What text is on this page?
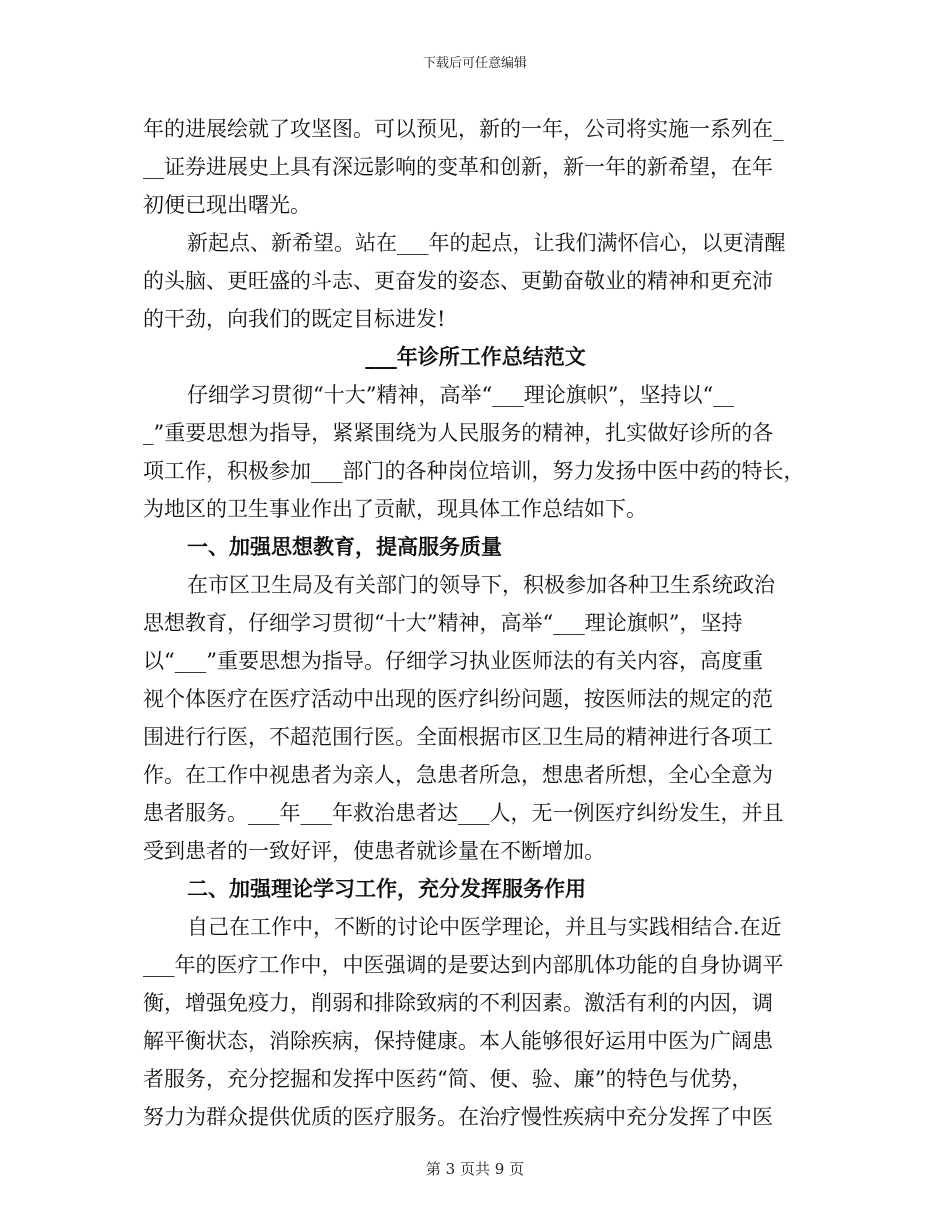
下载后可任意编辑
年的进展绘就了攻坚图。可以预见，新的一年，公司将实施一系列在_
__证券进展史上具有深远影响的变革和创新，新一年的新希望，在年
初便已现出曙光。
新起点、新希望。站在___年的起点，让我们满怀信心，以更清醒
的头脑、更旺盛的斗志、更奋发的姿态、更勤奋敬业的精神和更充沛
的干劲，向我们的既定目标进发!
___年诊所工作总结范文
仔细学习贯彻“十大”精神，高举“___理论旗帜”，坚持以“__
_”重要思想为指导，紧紧围绕为人民服务的精神，扎实做好诊所的各
项工作，积极参加___部门的各种岗位培训，努力发扬中医中药的特长，
为地区的卫生事业作出了贡献，现具体工作总结如下。
一、加强思想教育，提高服务质量
在市区卫生局及有关部门的领导下，积极参加各种卫生系统政治
思想教育，仔细学习贯彻“十大”精神，高举“___理论旗帜”，坚持
以“___”重要思想为指导。仔细学习执业医师法的有关内容，高度重
视个体医疗在医疗活动中出现的医疗纠纷问题，按医师法的规定的范
围进行行医，不超范围行医。全面根据市区卫生局的精神进行各项工
作。在工作中视患者为亲人，急患者所急，想患者所想，全心全意为
患者服务。___年___年救治患者达___人，无一例医疗纠纷发生，并且
受到患者的一致好评，使患者就诊量在不断增加。
二、加强理论学习工作，充分发挥服务作用
自己在工作中，不断的讨论中医学理论，并且与实践相结合.在近
___年的医疗工作中，中医强调的是要达到内部肌体功能的自身协调平
衡，增强免疫力，削弱和排除致病的不利因素。激活有利的内因，调
解平衡状态，消除疾病，保持健康。本人能够很好运用中医为广阔患
者服务，充分挖掘和发挥中医药“简、便、验、廉”的特色与优势，
努力为群众提供优质的医疗服务。在治疗慢性疾病中充分发挥了中医
第 3 页共 9 页
